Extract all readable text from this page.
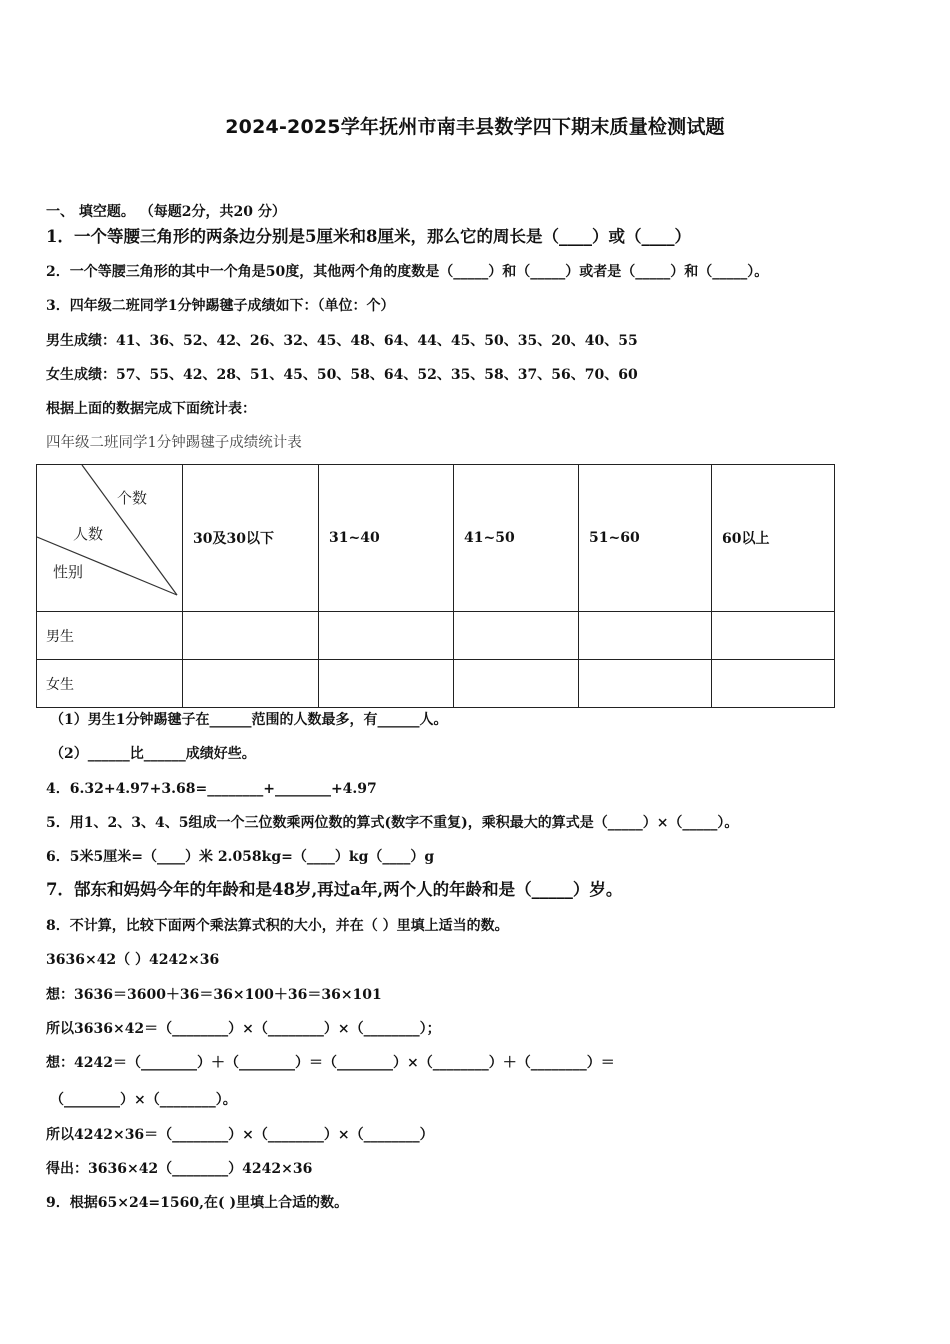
2024-2025学年抚州市南丰县数学四下期末质量检测试题
一、 填空题。 （每题2分，共20 分）
1．一个等腰三角形的两条边分别是5厘米和8厘米，那么它的周长是（____）或（____）
2．一个等腰三角形的其中一个角是50度，其他两个角的度数是（_____）和（_____）或者是（_____）和（_____）。
3．四年级二班同学1分钟踢毽子成绩如下：（单位：个）
男生成绩：41、36、52、42、26、32、45、48、64、44、45、50、35、20、40、55
女生成绩：57、55、42、28、51、45、50、58、64、52、35、58、37、56、70、60
根据上面的数据完成下面统计表：
四年级二班同学1分钟踢毽子成绩统计表
个数
人数
性别	30及30以下	31~40	41~50	51~60	60以上
男生					
女生					
（1）男生1分钟踢毽子在______范围的人数最多，有______人。
（2）______比______成绩好些。
4．6.32+4.97+3.68=________+________+4.97
5．用1、2、3、4、5组成一个三位数乘两位数的算式(数字不重复)，乘积最大的算式是（_____）×（_____）。
6．5米5厘米=（____）米 2.058kg=（____）kg（____）g
7．郜东和妈妈今年的年龄和是48岁,再过a年,两个人的年龄和是（_____）岁。
8．不计算，比较下面两个乘法算式积的大小，并在（ ）里填上适当的数。
3636×42（ ）4242×36
想：3636＝3600＋36＝36×100＋36＝36×101
所以3636×42＝（________）×（________）×（________）；
想：4242＝（________）＋（________）＝（________）×（________）＋（________）＝
（________）×（________）。
所以4242×36＝（________）×（________）×（________）
得出：3636×42（________）4242×36
9．根据65×24=1560,在( )里填上合适的数。
